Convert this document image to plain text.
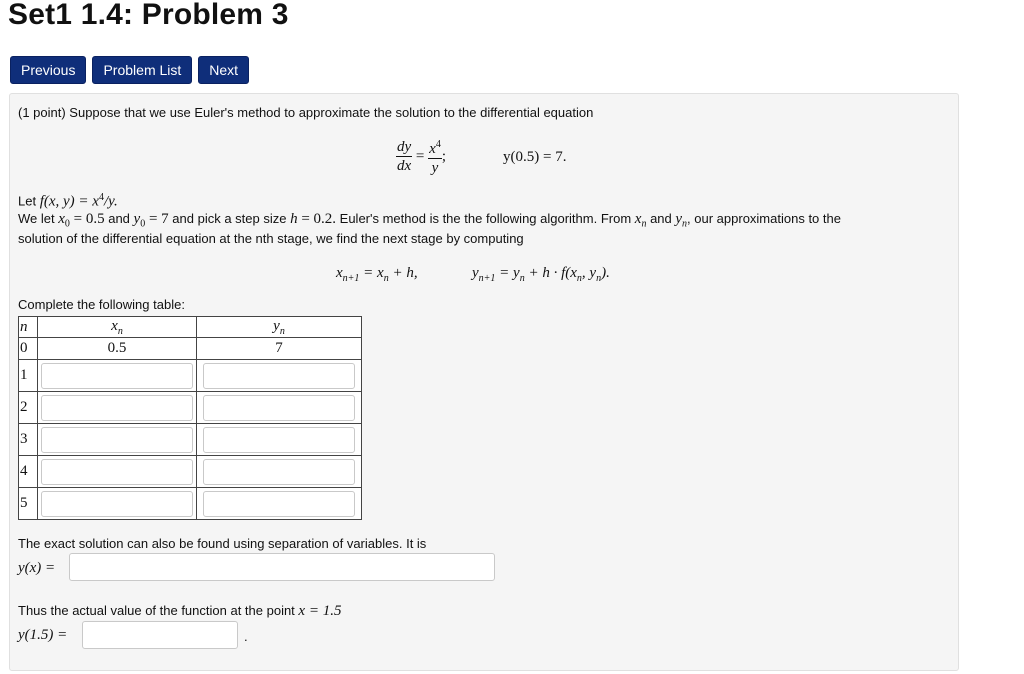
Set1 1.4: Problem 3
Previous	Problem List	Next
(1 point) Suppose that we use Euler's method to approximate the solution to the differential equation
$\frac{dy}{dx} = \frac{x^4}{y}$ ;	y(0.5) = 7.
Let f(x, $y) = x^4/y$.
We let $x_0 = 0.5$ and $y_0 = 7$ and pick a step size h = 0.2. Euler's method is the the following algorithm. From $x_n$ and $y_n$, our approximations to the
solution of the differential equation at the nth stage, we find the next stage by computing
$x_{n+1} = x_n + h$,	$y_{n+1} = y_n + h \cdot f(x_n$, $y_n$).
Complete the following table:
n	$x_n$	$y_n$
0	0.5	7
1	

2	

3	

4	

5	

The exact solution can also be found using separation of variables. It is
y(x) =
Thus the actual value of the function at the point x = 1.5
y(1.5) =	.
